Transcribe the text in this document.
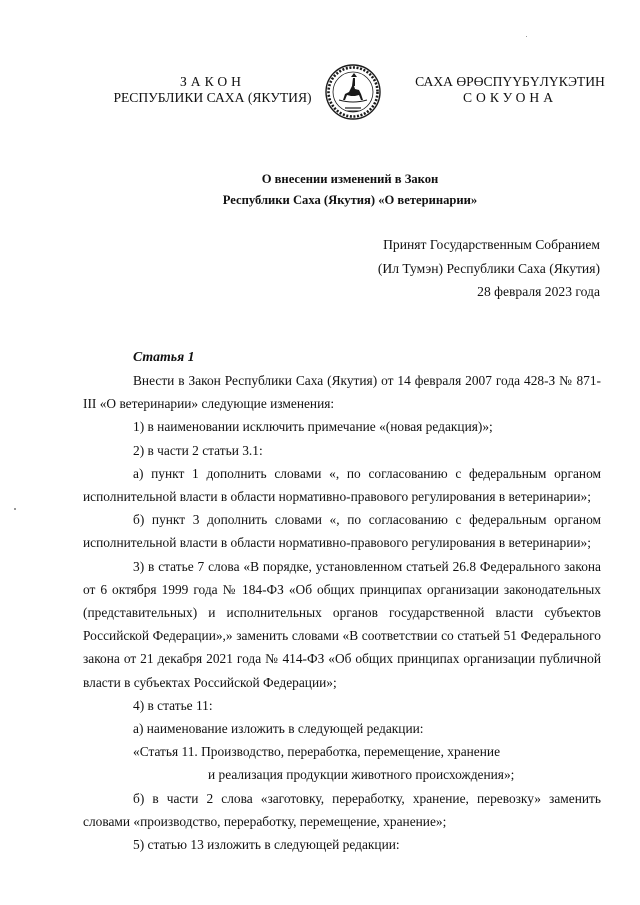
ЗАКОН
РЕСПУБЛИКИ САХА (ЯКУТИЯ)
САХА ӨРӨСПҮҮБҮЛҮКЭТИН
СОКУОНА
О внесении изменений в Закон
Республики Саха (Якутия) «О ветеринарии»
Принят Государственным Собранием
(Ил Тумэн) Республики Саха (Якутия)
28 февраля 2023 года
Статья 1

Внести в Закон Республики Саха (Якутия) от 14 февраля 2007 года 428-З № 871-III «О ветеринарии» следующие изменения:

1) в наименовании исключить примечание «(новая редакция)»;

2) в части 2 статьи 3.1:

а) пункт 1 дополнить словами «, по согласованию с федеральным органом исполнительной власти в области нормативно-правового регулирования в ветеринарии»;

б) пункт 3 дополнить словами «, по согласованию с федеральным органом исполнительной власти в области нормативно-правового регулирования в ветеринарии»;

3) в статье 7 слова «В порядке, установленном статьей 26.8 Федерального закона от 6 октября 1999 года № 184-ФЗ «Об общих принципах организации законодательных (представительных) и исполнительных органов государственной власти субъектов Российской Федерации»,» заменить словами «В соответствии со статьей 51 Федерального закона от 21 декабря 2021 года № 414-ФЗ «Об общих принципах организации публичной власти в субъектах Российской Федерации»;

4) в статье 11:

а) наименование изложить в следующей редакции:

«Статья 11. Производство, переработка, перемещение, хранение

и реализация продукции животного происхождения»;

б) в части 2 слова «заготовку, переработку, хранение, перевозку» заменить словами «производство, переработку, перемещение, хранение»;

5) статью 13 изложить в следующей редакции:
